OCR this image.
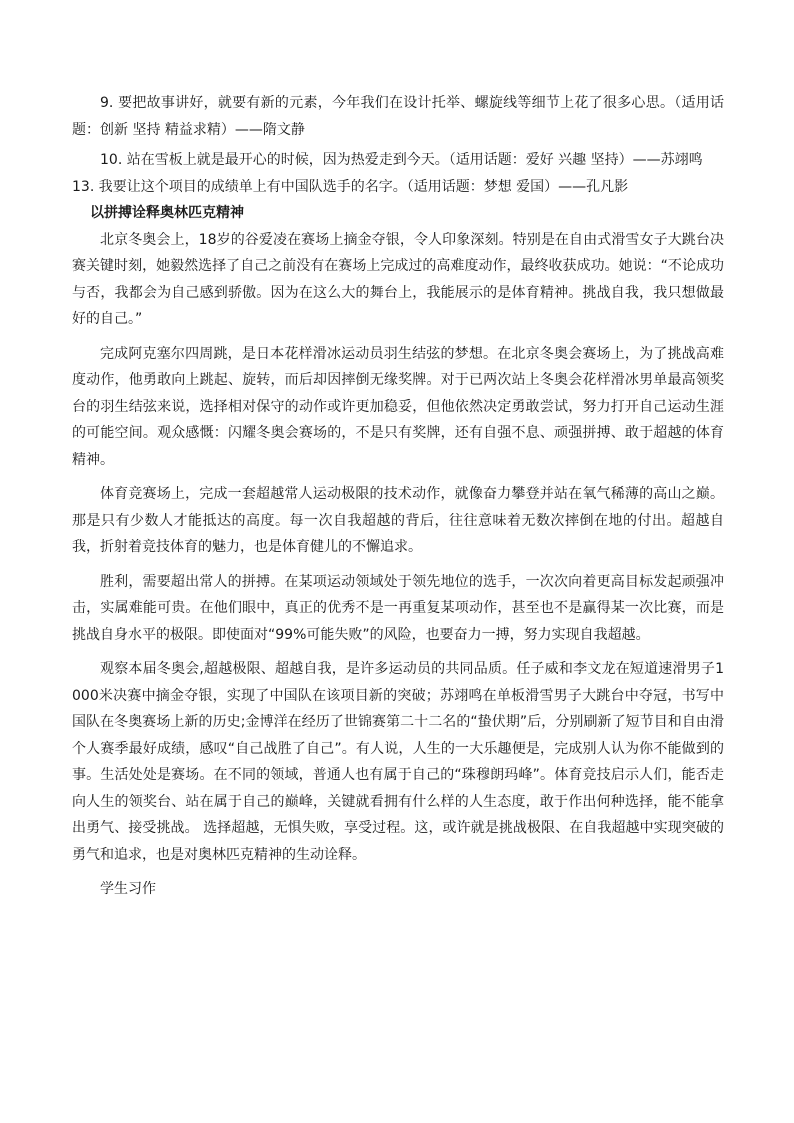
9. 要把故事讲好，就要有新的元素，今年我们在设计托举、螺旋线等细节上花了很多心思。（适用话题：创新 坚持 精益求精）——隋文静

10. 站在雪板上就是最开心的时候，因为热爱走到今天。（适用话题：爱好 兴趣 坚持）——苏翊鸣

13. 我要让这个项目的成绩单上有中国队选手的名字。（适用话题：梦想 爱国）——孔凡影

以拼搏诠释奥林匹克精神

北京冬奥会上，18岁的谷爱凌在赛场上摘金夺银，令人印象深刻。特别是在自由式滑雪女子大跳台决赛关键时刻，她毅然选择了自己之前没有在赛场上完成过的高难度动作，最终收获成功。她说：“不论成功与否，我都会为自己感到骄傲。因为在这么大的舞台上，我能展示的是体育精神。挑战自我，我只想做最好的自己。”

完成阿克塞尔四周跳，是日本花样滑冰运动员羽生结弦的梦想。在北京冬奥会赛场上，为了挑战高难度动作，他勇敢向上跳起、旋转，而后却因摔倒无缘奖牌。对于已两次站上冬奥会花样滑冰男单最高领奖台的羽生结弦来说，选择相对保守的动作或许更加稳妥，但他依然决定勇敢尝试，努力打开自己运动生涯的可能空间。观众感慨：闪耀冬奥会赛场的，不是只有奖牌，还有自强不息、顽强拼搏、敢于超越的体育精神。

体育竞赛场上，完成一套超越常人运动极限的技术动作，就像奋力攀登并站在氧气稀薄的高山之巅。那是只有少数人才能抵达的高度。每一次自我超越的背后，往往意味着无数次摔倒在地的付出。超越自我，折射着竞技体育的魅力，也是体育健儿的不懈追求。

胜利，需要超出常人的拼搏。在某项运动领域处于领先地位的选手，一次次向着更高目标发起顽强冲击，实属难能可贵。在他们眼中，真正的优秀不是一再重复某项动作，甚至也不是赢得某一次比赛，而是挑战自身水平的极限。即使面对“99%可能失败”的风险，也要奋力一搏，努力实现自我超越。

观察本届冬奥会,超越极限、超越自我，是许多运动员的共同品质。任子威和李文龙在短道速滑男子1000米决赛中摘金夺银，实现了中国队在该项目新的突破；苏翊鸣在单板滑雪男子大跳台中夺冠，书写中国队在冬奥赛场上新的历史;金博洋在经历了世锦赛第二十二名的“蛰伏期”后，分别刷新了短节目和自由滑个人赛季最好成绩，感叹“自己战胜了自己”。有人说，人生的一大乐趣便是，完成别人认为你不能做到的事。生活处处是赛场。在不同的领域，普通人也有属于自己的“珠穆朗玛峰”。体育竞技启示人们，能否走向人生的领奖台、站在属于自己的巅峰，关键就看拥有什么样的人生态度，敢于作出何种选择，能不能拿出勇气、接受挑战。 选择超越，无惧失败，享受过程。这，或许就是挑战极限、在自我超越中实现突破的勇气和追求，也是对奥林匹克精神的生动诠释。

学生习作
